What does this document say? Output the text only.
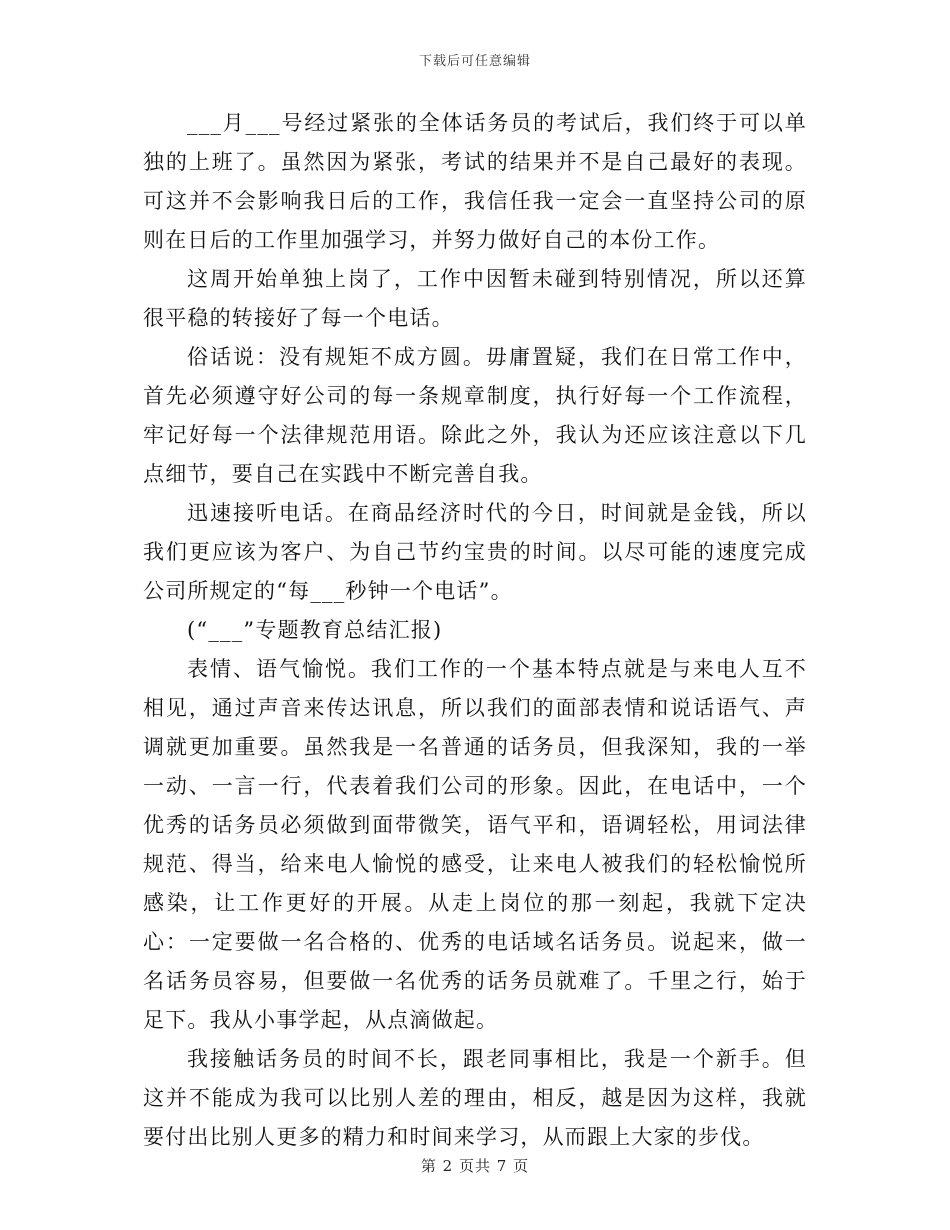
下载后可任意编辑

___月___号经过紧张的全体话务员的考试后，我们终于可以单独的上班了。虽然因为紧张，考试的结果并不是自己最好的表现。可这并不会影响我日后的工作，我信任我一定会一直坚持公司的原则在日后的工作里加强学习，并努力做好自己的本份工作。

这周开始单独上岗了，工作中因暂未碰到特别情况，所以还算很平稳的转接好了每一个电话。

俗话说：没有规矩不成方圆。毋庸置疑，我们在日常工作中，首先必须遵守好公司的每一条规章制度，执行好每一个工作流程，牢记好每一个法律规范用语。除此之外，我认为还应该注意以下几点细节，要自己在实践中不断完善自我。

迅速接听电话。在商品经济时代的今日，时间就是金钱，所以我们更应该为客户、为自己节约宝贵的时间。以尽可能的速度完成公司所规定的“每___秒钟一个电话”。

(“___”专题教育总结汇报)

表情、语气愉悦。我们工作的一个基本特点就是与来电人互不相见，通过声音来传达讯息，所以我们的面部表情和说话语气、声调就更加重要。虽然我是一名普通的话务员，但我深知，我的一举一动、一言一行，代表着我们公司的形象。因此，在电话中，一个优秀的话务员必须做到面带微笑，语气平和，语调轻松，用词法律规范、得当，给来电人愉悦的感受，让来电人被我们的轻松愉悦所感染，让工作更好的开展。从走上岗位的那一刻起，我就下定决心：一定要做一名合格的、优秀的电话域名话务员。说起来，做一名话务员容易，但要做一名优秀的话务员就难了。千里之行，始于足下。我从小事学起，从点滴做起。

我接触话务员的时间不长，跟老同事相比，我是一个新手。但这并不能成为我可以比别人差的理由，相反，越是因为这样，我就要付出比别人更多的精力和时间来学习，从而跟上大家的步伐。

第 2 页共 7 页
